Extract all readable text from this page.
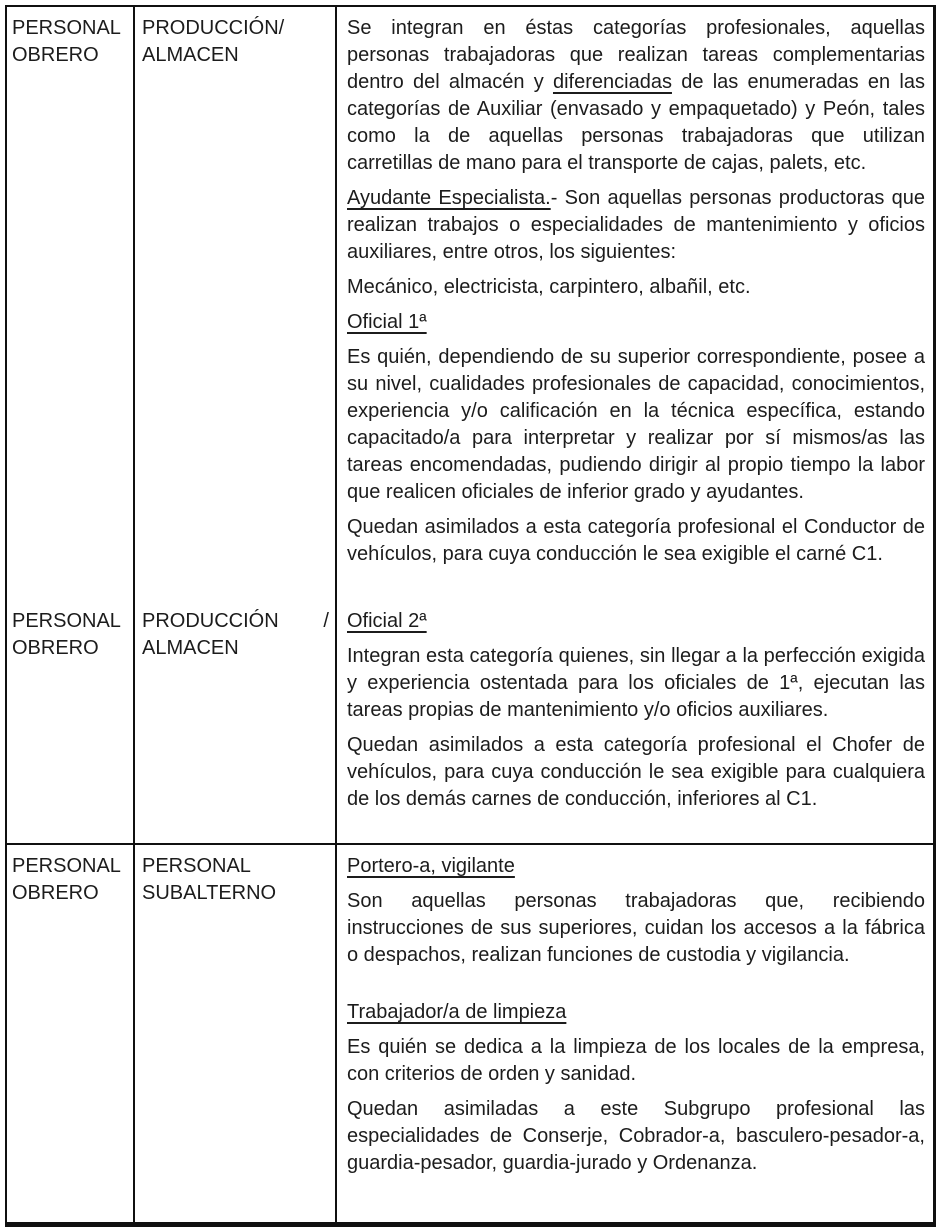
PERSONAL OBRERO
PRODUCCIÓN/ ALMACEN

Se integran en éstas categorías profesionales, aquellas personas trabajadoras que realizan tareas complementarias dentro del almacén y diferenciadas de las enumeradas en las categorías de Auxiliar (envasado y empaquetado) y Peón, tales como la de aquellas personas trabajadoras que utilizan carretillas de mano para el transporte de cajas, palets, etc.

Ayudante Especialista.- Son aquellas personas productoras que realizan trabajos o especialidades de mantenimiento y oficios auxiliares, entre otros, los siguientes:

Mecánico, electricista, carpintero, albañil, etc.

Oficial 1ª

Es quién, dependiendo de su superior correspondiente, posee a su nivel, cualidades profesionales de capacidad, conocimientos, experiencia y/o calificación en la técnica específica, estando capacitado/a para interpretar y realizar por sí mismos/as las tareas encomendadas, pudiendo dirigir al propio tiempo la labor que realicen oficiales de inferior grado y ayudantes.

Quedan asimilados a esta categoría profesional el Conductor de vehículos, para cuya conducción le sea exigible el carné C1.

PERSONAL OBRERO
PRODUCCIÓN / ALMACEN

Oficial 2ª

Integran esta categoría quienes, sin llegar a la perfección exigida y experiencia ostentada para los oficiales de 1ª, ejecutan las tareas propias de mantenimiento y/o oficios auxiliares.

Quedan asimilados a esta categoría profesional el Chofer de vehículos, para cuya conducción le sea exigible para cualquiera de los demás carnes de conducción, inferiores al C1.

PERSONAL OBRERO
PERSONAL SUBALTERNO

Portero-a, vigilante

Son aquellas personas trabajadoras que, recibiendo instrucciones de sus superiores, cuidan los accesos a la fábrica o despachos, realizan funciones de custodia y vigilancia.

Trabajador/a de limpieza

Es quién se dedica a la limpieza de los locales de la empresa, con criterios de orden y sanidad.

Quedan asimiladas a este Subgrupo profesional las especialidades de Conserje, Cobrador-a, basculero-pesador-a, guardia-pesador, guardia-jurado y Ordenanza.
